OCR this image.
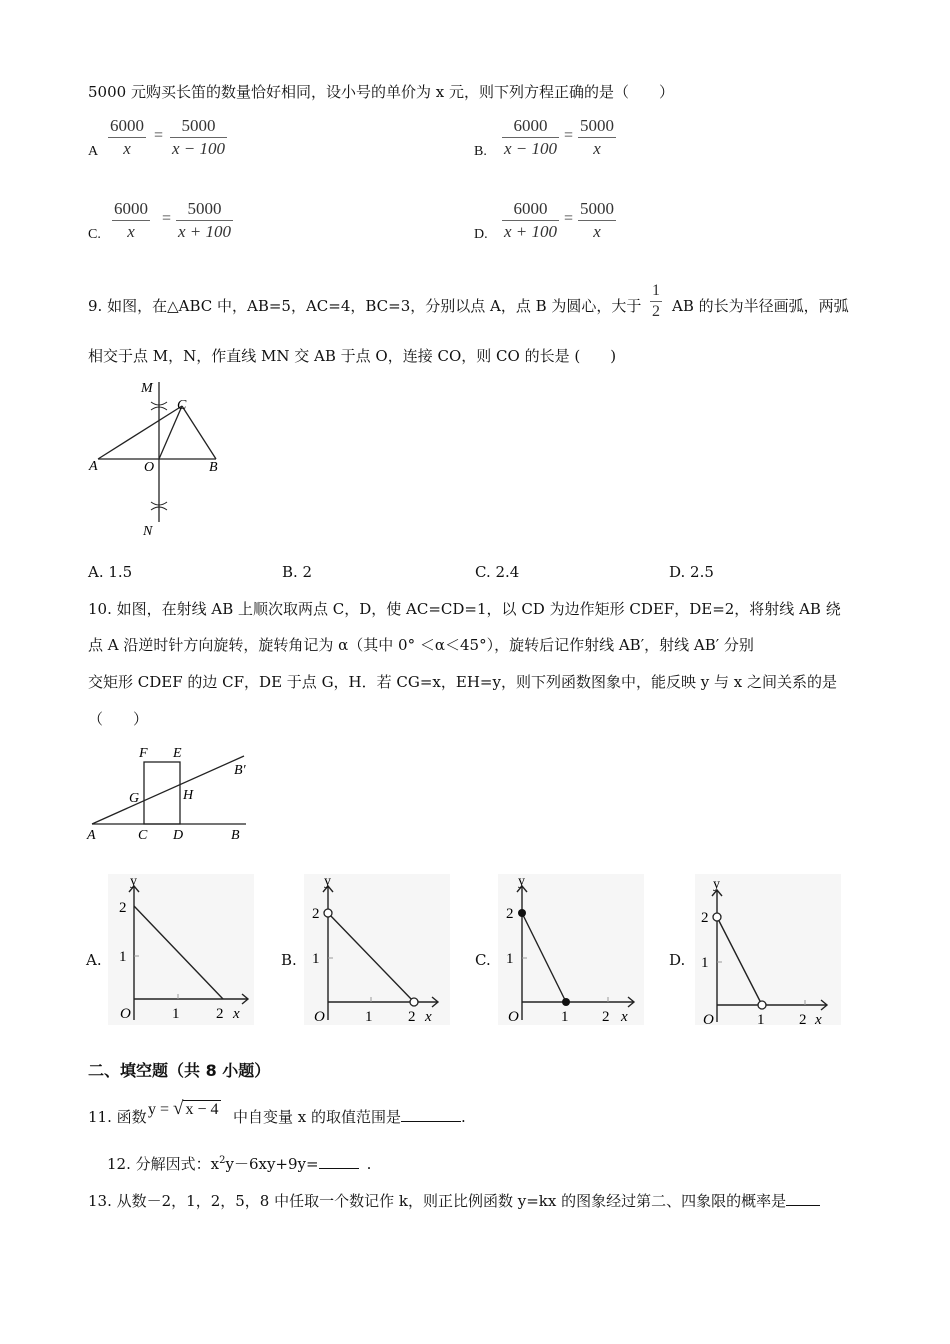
5000 元购买长笛的数量恰好相同，设小号的单价为 x 元，则下列方程正确的是（　　）
A
6000
x
=
5000
x − 100	B.
6000
x − 100
=
5000
x
C.
6000
x
=
5000
x + 100	D.
6000
x + 100
=
5000
x
9. 如图，在△ABC 中，AB=5，AC=4，BC=3，分别以点 A，点 B 为圆心，大于
1
2 AB 的长为半径画弧，两弧
相交于点 M，N，作直线 MN 交 AB 于点 O，连接 CO，则 CO 的长是 (　　)
M
C
A	O	B
N
A. 1.5	B. 2	C. 2.4	D. 2.5
10. 如图，在射线 AB 上顺次取两点 C，D，使 AC=CD=1，以 CD 为边作矩形 CDEF，DE=2，将射线 AB 绕
点 A 沿逆时针方向旋转，旋转角记为 α（其中 0° ＜α＜45°），旋转后记作射线 AB′，射线 AB′ 分别
交矩形 CDEF 的边 CF，DE 于点 G，H．若 CG=x，EH=y，则下列函数图象中，能反映 y 与 x 之间关系的是
（　　）
F E
B′
G	H
A	C D	B
A.	B.	C.	D.
y
x
O	1 2
1
2
y
x
O	1 2
1
2
y
x
O	1 2
1
2
y
x
O	1 2
1
2
二、填空题（共 8 小题）
11. 函数 y = √ x − 4 中自变量 x 的取值范围是	.
12. 分解因式：$x^2y-6xy+9y=$	.
13. 从数－2，1，2，5，8 中任取一个数记作 k，则正比例函数 y=kx 的图象经过第二、四象限的概率是
